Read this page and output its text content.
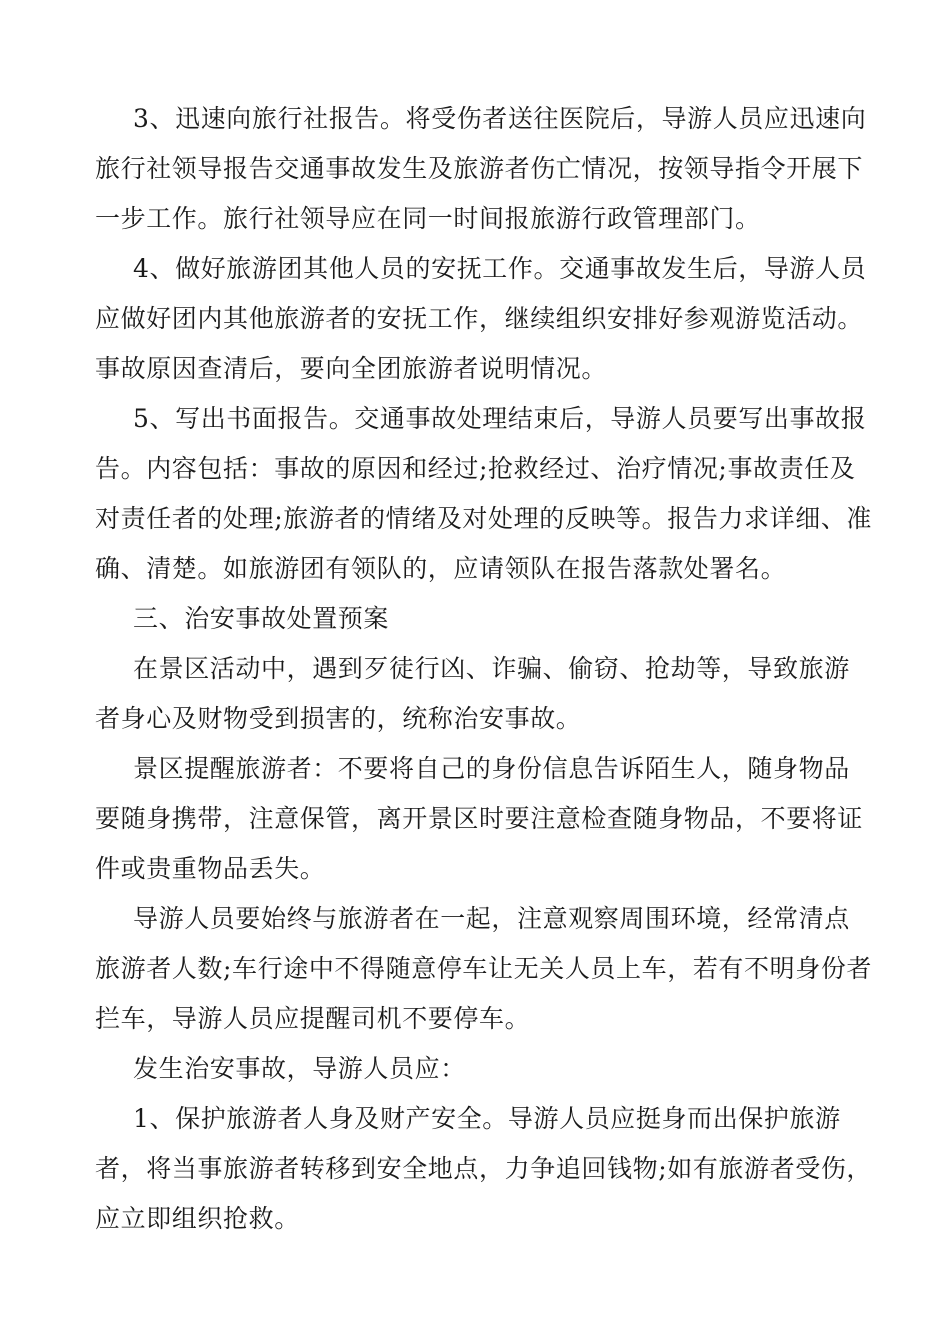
3、迅速向旅行社报告。将受伤者送往医院后，导游人员应迅速向旅行社领导报告交通事故发生及旅游者伤亡情况，按领导指令开展下一步工作。旅行社领导应在同一时间报旅游行政管理部门。

4、做好旅游团其他人员的安抚工作。交通事故发生后，导游人员应做好团内其他旅游者的安抚工作，继续组织安排好参观游览活动。事故原因查清后，要向全团旅游者说明情况。

5、写出书面报告。交通事故处理结束后，导游人员要写出事故报告。内容包括：事故的原因和经过;抢救经过、治疗情况;事故责任及对责任者的处理;旅游者的情绪及对处理的反映等。报告力求详细、准确、清楚。如旅游团有领队的，应请领队在报告落款处署名。

三、治安事故处置预案

在景区活动中，遇到歹徒行凶、诈骗、偷窃、抢劫等，导致旅游者身心及财物受到损害的，统称治安事故。

景区提醒旅游者：不要将自己的身份信息告诉陌生人，随身物品要随身携带，注意保管，离开景区时要注意检查随身物品，不要将证件或贵重物品丢失。

导游人员要始终与旅游者在一起，注意观察周围环境，经常清点旅游者人数;车行途中不得随意停车让无关人员上车，若有不明身份者拦车，导游人员应提醒司机不要停车。

发生治安事故，导游人员应：

1、保护旅游者人身及财产安全。导游人员应挺身而出保护旅游者，将当事旅游者转移到安全地点，力争追回钱物;如有旅游者受伤，应立即组织抢救。
